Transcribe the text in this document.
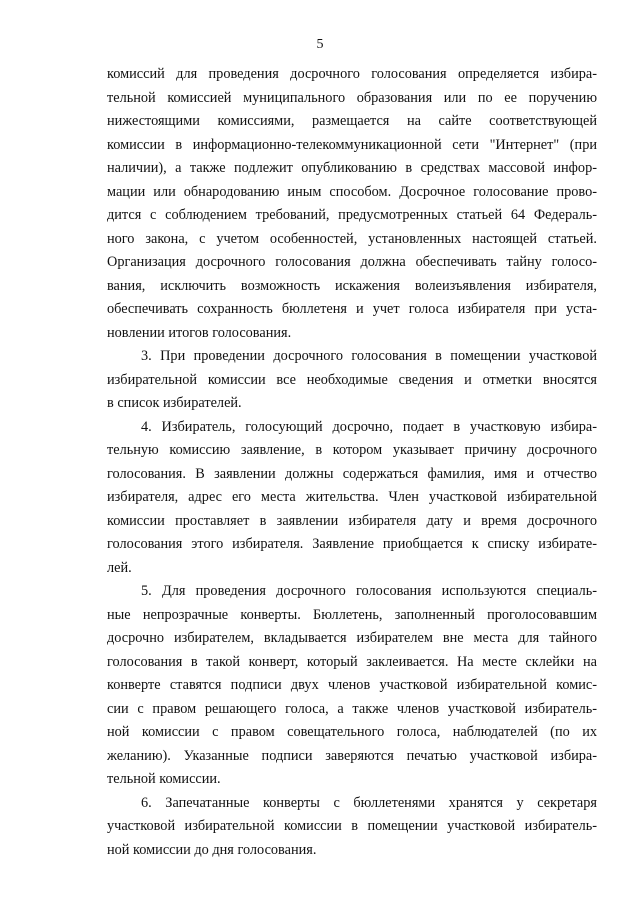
5
комиссий для проведения досрочного голосования определяется избира-
тельной комиссией муниципального образования или по ее поручению
нижестоящими комиссиями, размещается на сайте соответствующей
комиссии в информационно-телекоммуникационной сети "Интернет" (при
наличии), а также подлежит опубликованию в средствах массовой инфор-
мации или обнародованию иным способом. Досрочное голосование прово-
дится с соблюдением требований, предусмотренных статьей 64 Федераль-
ного закона, с учетом особенностей, установленных настоящей статьей.
Организация досрочного голосования должна обеспечивать тайну голосо-
вания, исключить возможность искажения волеизъявления избирателя,
обеспечивать сохранность бюллетеня и учет голоса избирателя при уста-
новлении итогов голосования.
3. При проведении досрочного голосования в помещении участковой
избирательной комиссии все необходимые сведения и отметки вносятся
в список избирателей.
4. Избиратель, голосующий досрочно, подает в участковую избира-
тельную комиссию заявление, в котором указывает причину досрочного
голосования. В заявлении должны содержаться фамилия, имя и отчество
избирателя, адрес его места жительства. Член участковой избирательной
комиссии проставляет в заявлении избирателя дату и время досрочного
голосования этого избирателя. Заявление приобщается к списку избирате-
лей.
5. Для проведения досрочного голосования используются специаль-
ные непрозрачные конверты. Бюллетень, заполненный проголосовавшим
досрочно избирателем, вкладывается избирателем вне места для тайного
голосования в такой конверт, который заклеивается. На месте склейки на
конверте ставятся подписи двух членов участковой избирательной комис-
сии с правом решающего голоса, а также членов участковой избиратель-
ной комиссии с правом совещательного голоса, наблюдателей (по их
желанию). Указанные подписи заверяются печатью участковой избира-
тельной комиссии.
6. Запечатанные конверты с бюллетенями хранятся у секретаря
участковой избирательной комиссии в помещении участковой избиратель-
ной комиссии до дня голосования.
